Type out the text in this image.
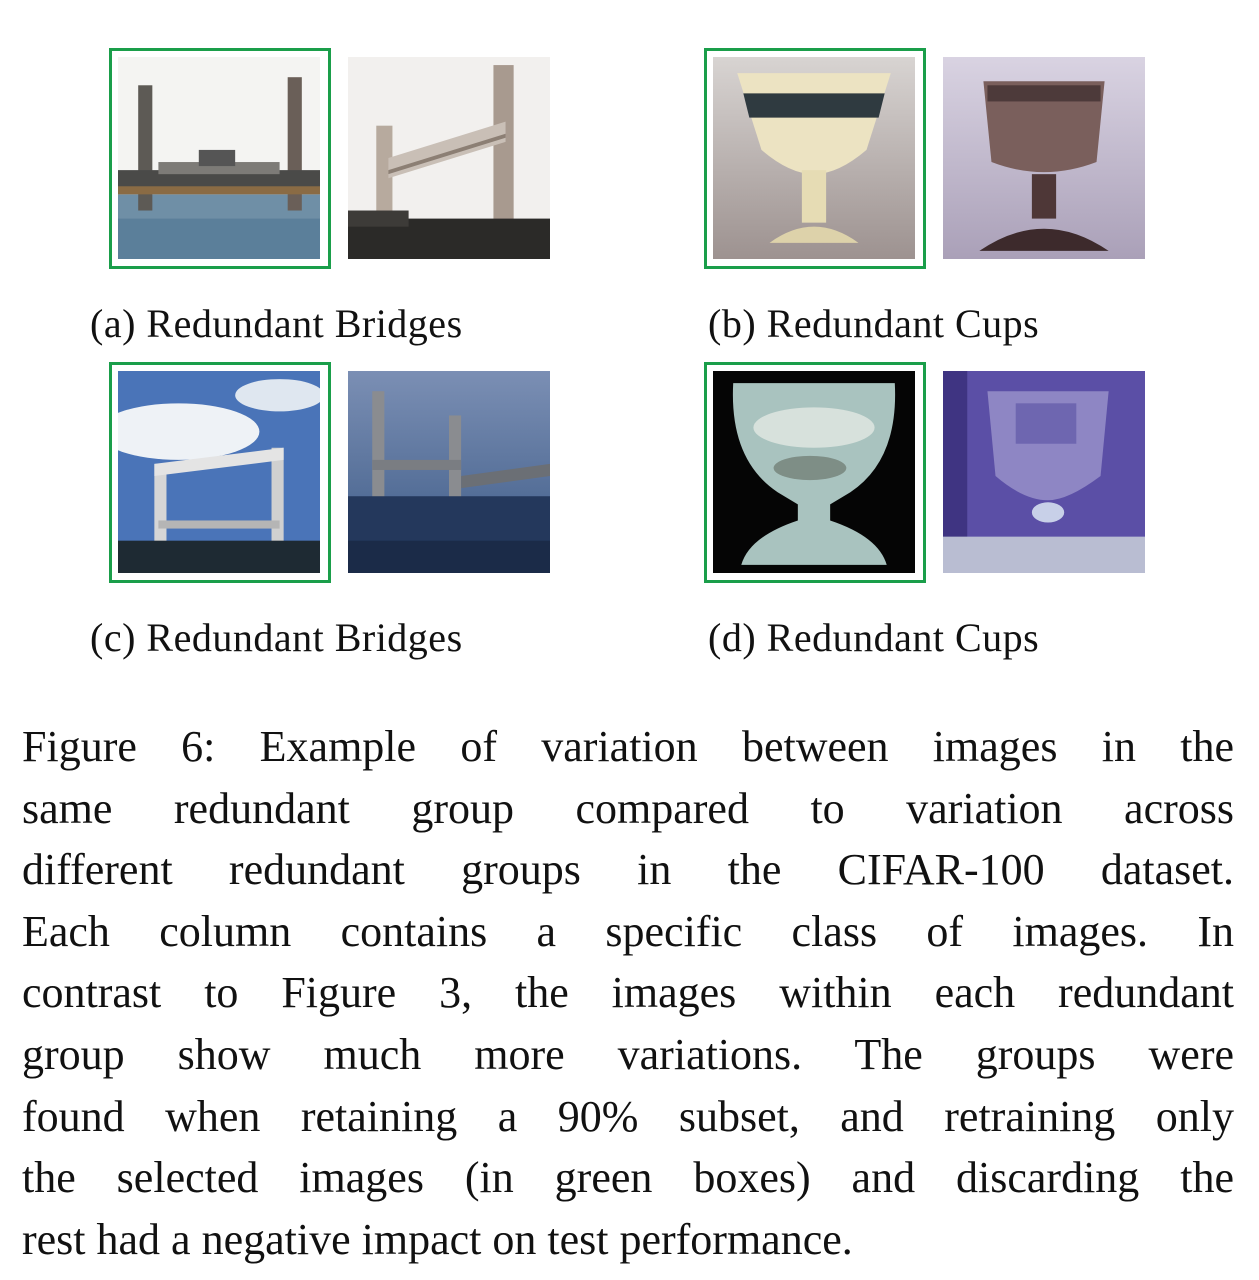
(a) Redundant Bridges	(b) Redundant Cups
(c) Redundant Bridges	(d) Redundant Cups
Figure 6: Example of variation between images in the
same redundant group compared to variation across
different redundant groups in the CIFAR-100 dataset.
Each column contains a specific class of images. In
contrast to Figure 3, the images within each redundant
group show much more variations. The groups were
found when retaining a 90% subset, and retraining only
the selected images (in green boxes) and discarding the
rest had a negative impact on test performance.
